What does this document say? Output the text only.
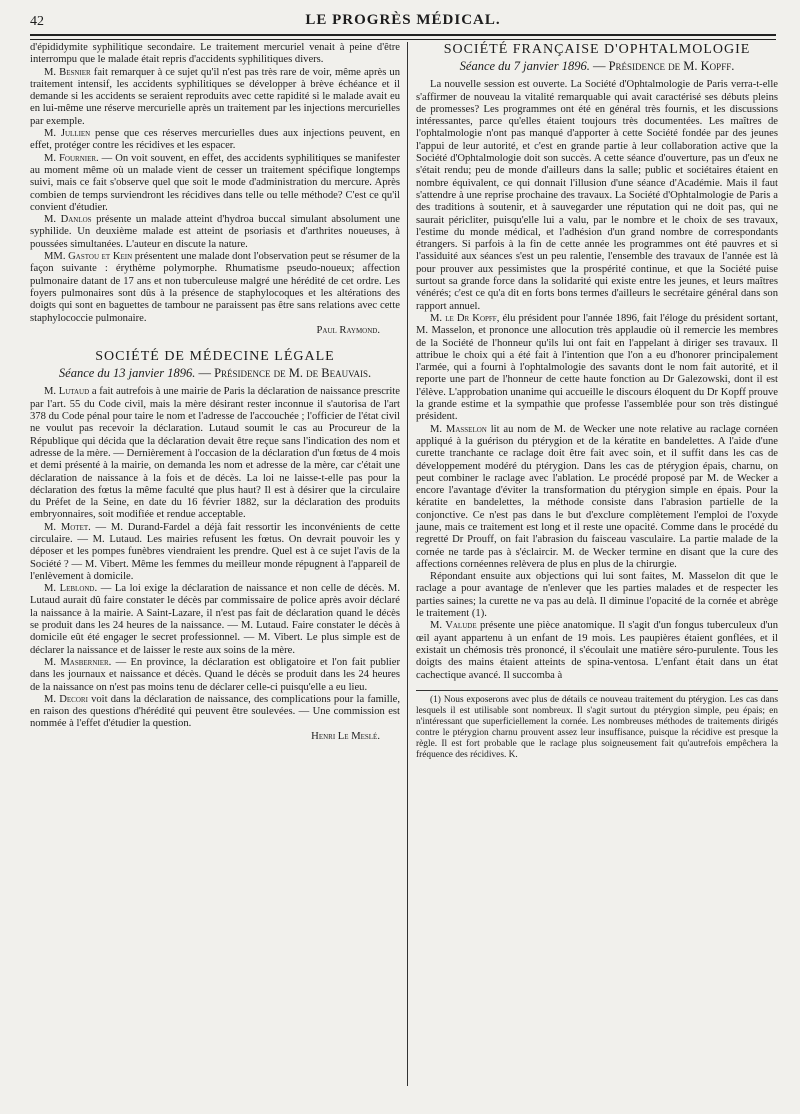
42	LE PROGRÈS MÉDICAL.

d'épididymite syphilitique secondaire. Le traitement mercuriel venait à peine d'être interrompu que le malade était repris d'accidents syphilitiques divers.

M. Besnier fait remarquer à ce sujet qu'il n'est pas très rare de voir, même après un traitement intensif, les accidents syphilitiques se développer à brève échéance et il demande si les accidents se seraient reproduits avec cette rapidité si le malade avait eu en lui-même une réserve mercurielle après un traitement par les injections mercurielles par exemple.

M. Jullien pense que ces réserves mercurielles dues aux injections peuvent, en effet, protéger contre les récidives et les espacer.

M. Fournier. — On voit souvent, en effet, des accidents syphilitiques se manifester au moment même où un malade vient de cesser un traitement spécifique longtemps suivi, mais ce fait s'observe quel que soit le mode d'administration du mercure. Après combien de temps surviendront les récidives dans telle ou telle méthode? C'est ce qu'il convient d'étudier.

M. Danlos présente un malade atteint d'hydroa buccal simulant absolument une syphilide. Un deuxième malade est atteint de psoriasis et d'arthrites noueuses, à poussées simultanées. L'auteur en discute la nature.

MM. Gastou et Kein présentent une malade dont l'observation peut se résumer de la façon suivante : érythème polymorphe. Rhumatisme pseudo-noueux; affection pulmonaire datant de 17 ans et non tuberculeuse malgré une hérédité de cet ordre. Les foyers pulmonaires sont dûs à la présence de staphylocoques et les altérations des doigts qui sont en baguettes de tambour ne paraissent pas être sans relations avec cette staphylococcie pulmonaire.

Paul Raymond.

SOCIÉTÉ DE MÉDECINE LÉGALE
Séance du 13 janvier 1896. — Présidence de M. de Beauvais.

M. Lutaud a fait autrefois à une mairie de Paris la déclaration de naissance prescrite par l'art. 55 du Code civil, mais la mère désirant rester inconnue il s'autorisa de l'art 378 du Code pénal pour taire le nom et l'adresse de l'accouchée ; l'officier de l'état civil ne voulut pas recevoir la déclaration. Lutaud soumit le cas au Procureur de la République qui décida que la déclaration devait être reçue sans l'indication des nom et adresse de la mère. — Dernièrement à l'occasion de la déclaration d'un fœtus de 4 mois et demi présenté à la mairie, on demanda les nom et adresse de la mère, car c'était une déclaration de naissance à la fois et de décès. La loi ne laisse-t-elle pas pour la déclaration des fœtus la même faculté que plus haut? Il est à désirer que la circulaire du Préfet de la Seine, en date du 16 février 1882, sur la déclaration des produits embryonnaires, soit modifiée et rendue acceptable.

M. Motet. — M. Durand-Fardel a déjà fait ressortir les inconvénients de cette circulaire. — M. Lutaud. Les mairies refusent les fœtus. On devrait pouvoir les y déposer et les pompes funèbres viendraient les prendre. Quel est à ce sujet l'avis de la Société ? — M. Vibert. Même les femmes du meilleur monde répugnent à l'appareil de l'enlèvement à domicile.

M. Leblond. — La loi exige la déclaration de naissance et non celle de décès. M. Lutaud aurait dû faire constater le décès par commissaire de police après avoir déclaré la naissance à la mairie. A Saint-Lazare, il n'est pas fait de déclaration quand le décès se produit dans les 24 heures de la naissance. — M. Lutaud. Faire constater le décès à domicile eût été engager le secret professionnel. — M. Vibert. Le plus simple est de déclarer la naissance et de laisser le reste aux soins de la mère.

M. Masbernier. — En province, la déclaration est obligatoire et l'on fait publier dans les journaux et naissance et décès. Quand le décès se produit dans les 24 heures de la naissance on n'est pas moins tenu de déclarer celle-ci puisqu'elle a eu lieu.

M. Decori voit dans la déclaration de naissance, des complications pour la famille, en raison des questions d'hérédité qui peuvent être soulevées. — Une commission est nommée à l'effet d'étudier la question.

Henri Le Meslé.

SOCIÉTÉ FRANÇAISE D'OPHTALMOLOGIE
Séance du 7 janvier 1896. — Présidence de M. Kopff.

La nouvelle session est ouverte. La Société d'Ophtalmologie de Paris verra-t-elle s'affirmer de nouveau la vitalité remarquable qui avait caractérisé ses débuts pleins de promesses? Les programmes ont été en général très fournis, et les discussions intéressantes, parce qu'elles étaient toujours très documentées. Les maîtres de l'ophtalmologie n'ont pas manqué d'apporter à cette Société fondée par des jeunes l'appui de leur autorité, et c'est en grande partie à leur collaboration active que la Société d'Ophtalmologie doit son succès. A cette séance d'ouverture, pas un d'eux ne s'était rendu; peu de monde d'ailleurs dans la salle; public et sociétaires étaient en nombre équivalent, ce qui donnait l'illusion d'une séance d'Académie. Mais il faut s'attendre à une reprise prochaine des travaux. La Société d'Ophtalmologie de Paris a des traditions à soutenir, et à sauvegarder une réputation qui ne doit pas, qui ne saurait péricliter, puisqu'elle lui a valu, par le nombre et le choix de ses travaux, l'estime du monde médical, et l'adhésion d'un grand nombre de correspondants étrangers. Si parfois à la fin de cette année les programmes ont été pauvres et si l'assiduité aux séances s'est un peu ralentie, l'ensemble des travaux de l'année est là pour prouver aux pessimistes que la prospérité continue, et que la Société puise surtout sa grande force dans la solidarité qui existe entre les jeunes, et leurs maîtres vénérés; c'est ce qu'a dit en forts bons termes d'ailleurs le secrétaire général dans son rapport annuel.

M. le Dr Kopff, élu président pour l'année 1896, fait l'éloge du président sortant, M. Masselon, et prononce une allocution très applaudie où il remercie les membres de la Société de l'honneur qu'ils lui ont fait en l'appelant à diriger ses travaux. Il attribue le choix qui a été fait à l'intention que l'on a eu d'honorer principalement l'armée, qui a fourni à l'ophtalmologie des savants dont le nom fait autorité, et il reporte une part de l'honneur de cette haute fonction au Dr Galezowski, dont il est l'élève. L'approbation unanime qui accueille le discours éloquent du Dr Kopff prouve la grande estime et la sympathie que professe l'assemblée pour son très distingué président.

M. Masselon lit au nom de M. de Wecker une note relative au raclage cornéen appliqué à la guérison du ptérygion et de la kératite en bandelettes. A l'aide d'une curette tranchante ce raclage doit être fait avec soin, et il suffit dans les cas de développement modéré du ptérygion. Dans les cas de ptérygion épais, charnu, on peut combiner le raclage avec l'ablation. Le procédé proposé par M. de Wecker a encore l'avantage d'éviter la transformation du ptérygion simple en épais. Pour la kératite en bandelettes, la méthode consiste dans l'abrasion partielle de la conjonctive. Ce n'est pas dans le but d'exclure complètement l'emploi de l'oxyde jaune, mais ce traitement est long et il reste une opacité. Comme dans le procédé du regretté Dr Prouff, on fait l'abrasion du faisceau vasculaire. La partie malade de la cornée ne tarde pas à s'éclaircir. M. de Wecker termine en disant que la cure des affections cornéennes relèvera de plus en plus de la chirurgie.

Répondant ensuite aux objections qui lui sont faites, M. Masselon dit que le raclage a pour avantage de n'enlever que les parties malades et de respecter les parties saines; la curette ne va pas au delà. Il diminue l'opacité de la cornée et abrège le traitement (1).

M. Valude présente une pièce anatomique. Il s'agit d'un fongus tuberculeux d'un œil ayant appartenu à un enfant de 19 mois. Les paupières étaient gonflées, et il existait un chémosis très prononcé, il s'écoulait une matière séro-purulente. Tous les doigts des mains étaient atteints de spina-ventosa. L'enfant était dans un état cachectique avancé. Il succomba à

(1) Nous exposerons avec plus de détails ce nouveau traitement du ptérygion. Les cas dans lesquels il est utilisable sont nombreux. Il s'agit surtout du ptérygion simple, peu épais; en n'intéressant que superficiellement la cornée. Les nombreuses méthodes de traitements dirigés contre le ptérygion charnu prouvent assez leur insuffisance, puisque la récidive est presque la règle. Il est fort probable que le raclage plus soigneusement fait qu'autrefois empêchera la fréquence des récidives. K.
